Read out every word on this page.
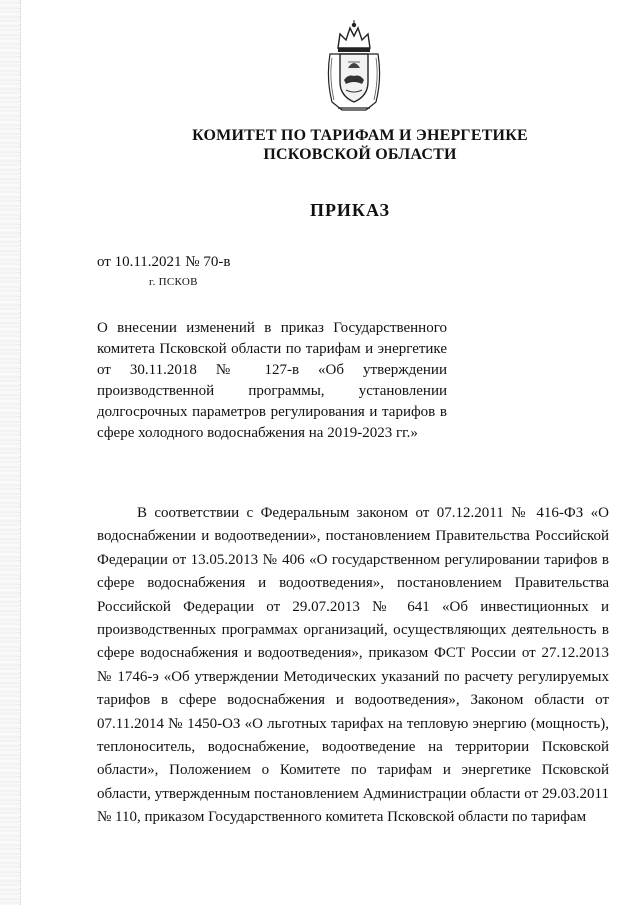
КОМИТЕТ ПО ТАРИФАМ И ЭНЕРГЕТИКЕ
ПСКОВСКОЙ ОБЛАСТИ
ПРИКАЗ
от 10.11.2021 № 70-в
г. ПСКОВ
О внесении изменений в приказ Государственного комитета Псковской области по тарифам и энергетике от 30.11.2018 № 127-в «Об утверждении производственной программы, установлении долгосрочных параметров регулирования и тарифов в сфере холодного водоснабжения на 2019-2023 гг.»

В соответствии с Федеральным законом от 07.12.2011 № 416-ФЗ «О водоснабжении и водоотведении», постановлением Правительства Российской Федерации от 13.05.2013 № 406 «О государственном регулировании тарифов в сфере водоснабжения и водоотведения», постановлением Правительства Российской Федерации от 29.07.2013 № 641 «Об инвестиционных и производственных программах организаций, осуществляющих деятельность в сфере водоснабжения и водоотведения», приказом ФСТ России от 27.12.2013 № 1746-э «Об утверждении Методических указаний по расчету регулируемых тарифов в сфере водоснабжения и водоотведения», Законом области от 07.11.2014 № 1450-ОЗ «О льготных тарифах на тепловую энергию (мощность), теплоноситель, водоснабжение, водоотведение на территории Псковской области», Положением о Комитете по тарифам и энергетике Псковской области, утвержденным постановлением Администрации области от 29.03.2011 № 110, приказом Государственного комитета Псковской области по тарифам
